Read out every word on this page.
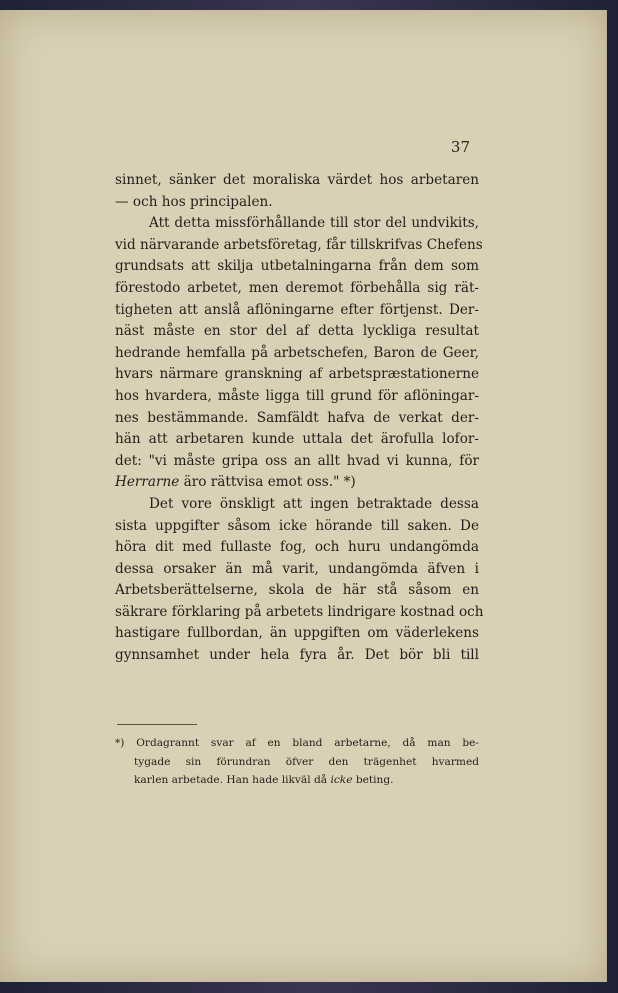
37
sinnet, sänker det moraliska värdet hos arbetaren
— och hos principalen.
Att detta missförhållande till stor del undvikits,
vid närvarande arbetsföretag, får tillskrifvas Chefens
grundsats att skilja utbetalningarna från dem som
förestodo arbetet, men deremot förbehålla sig rät-
tigheten att anslå aflöningarne efter förtjenst. Der-
näst måste en stor del af detta lyckliga resultat
hedrande hemfalla på arbetschefen, Baron de Geer,
hvars närmare granskning af arbetspræstationerne
hos hvardera, måste ligga till grund för aflöningar-
nes bestämmande. Samfäldt hafva de verkat der-
hän att arbetaren kunde uttala det ärofulla lofor-
det: "vi måste gripa oss an allt hvad vi kunna, för
Herrarne äro rättvisa emot oss." *)
Det vore önskligt att ingen betraktade dessa
sista uppgifter såsom icke hörande till saken. De
höra dit med fullaste fog, och huru undangömda
dessa orsaker än må varit, undangömda äfven i
Arbetsberättelserne, skola de här stå såsom en
säkrare förklaring på arbetets lindrigare kostnad och
hastigare fullbordan, än uppgiften om väderlekens
gynnsamhet under hela fyra år. Det bör bli till
*) Ordagrannt svar af en bland arbetarne, då man be-
tygade sin förundran öfver den trägenhet hvarmed
karlen arbetade. Han hade likväl då icke beting.
